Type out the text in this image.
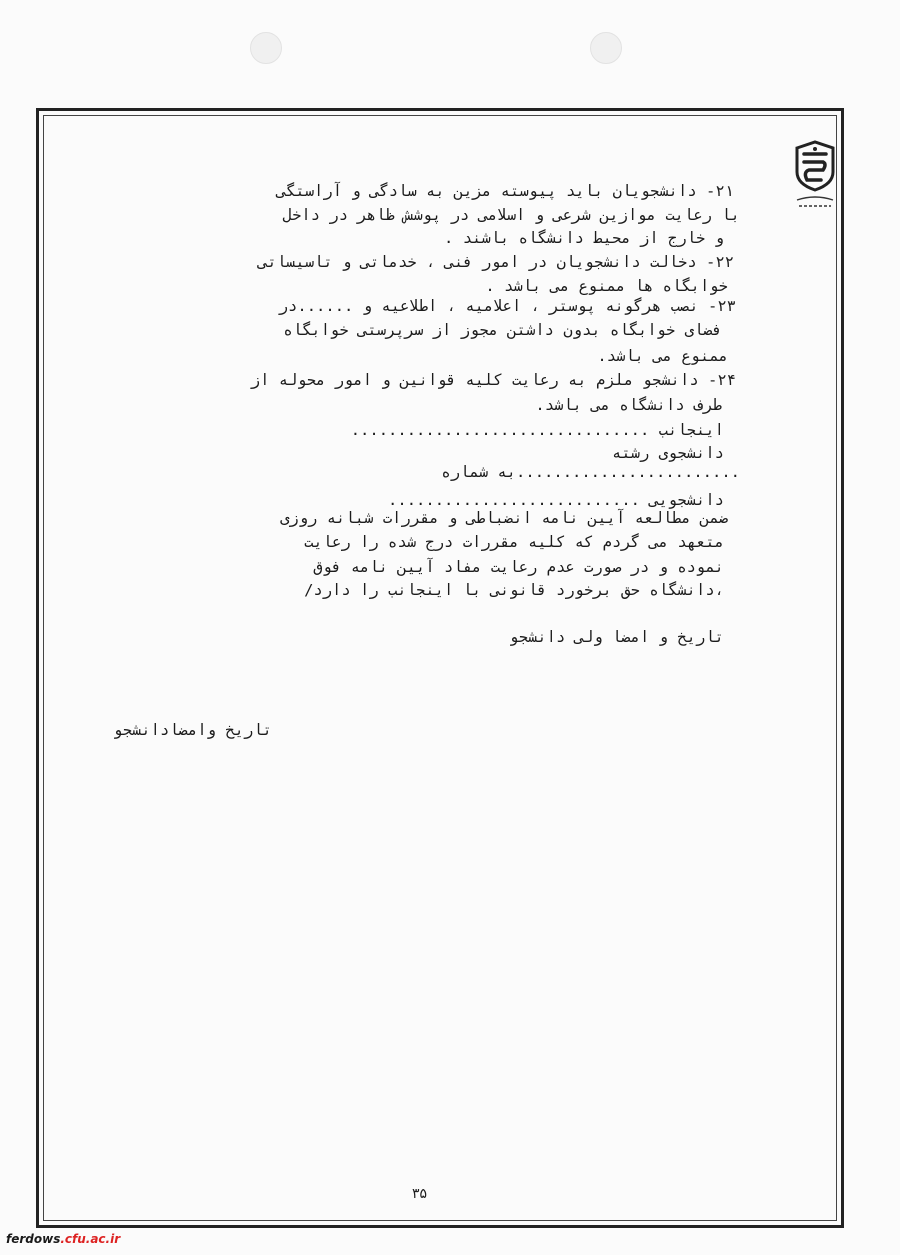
۲۱- دانشجویان باید پیوسته مزین به سادگی و آراستگی
با رعایت موازین شرعی و اسلامی در پوشش ظاهر در داخل
و خارج از محیط دانشگاه باشند .
۲۲- دخالت دانشجویان در امور فنی ، خدماتی و تاسیساتی
خوابگاه ها ممنوع می باشد .
۲۳- نصب هرگونه پوستر ، اعلامیه ، اطلاعیه و ......در
فضای خوابگاه بدون داشتن مجوز از سرپرستی خوابگاه
ممنوع می باشد.
۲۴- دانشجو ملزم به رعایت کلیه قوانین و امور محوله از
طرف دانشگاه می باشد.
اینجانب ................................
دانشجوی رشته
........................به شماره
دانشجویی ...........................
ضمن مطالعه آیین نامه انضباطی و مقررات شبانه روزی
متعهد می گردم که کلیه مقررات درج شده را رعایت
نموده و در صورت عدم رعایت مفاد آیین نامه فوق
،دانشگاه حق برخورد قانونی با اینجانب را دارد/
تاریخ و امضا ولی دانشجو
تاریخ وامضادانشجو
۳۵
ferdows.cfu.ac.ir
